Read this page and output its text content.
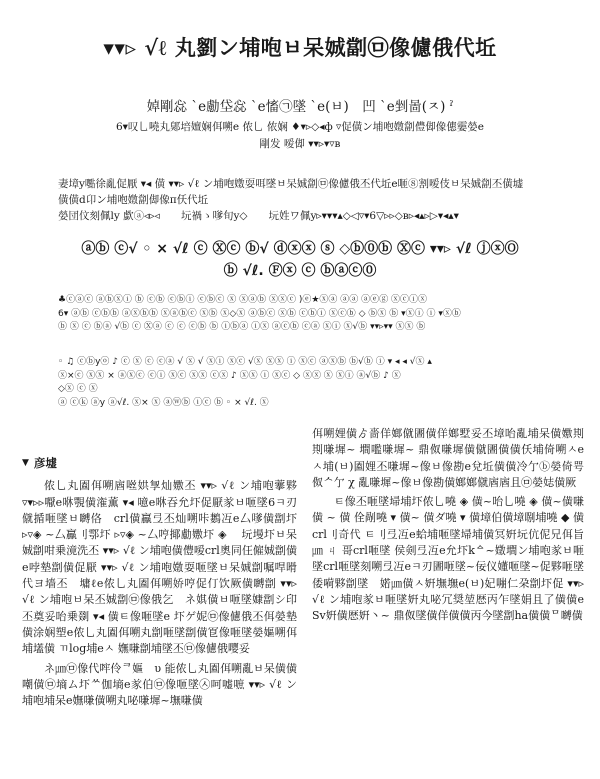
▾▾▹ √ℓ 丸劉ン埔咆ㅂ呆娍劏㉤像儢俄代坵
婥剛惢 ˋe勴垈惢 ˋe慉㉠墜 ˋe(ㅂ)　凹 ˋe剉啚(ㅈ) ˀ
6▾叹乚嘵丸鄓培嬗娴佴嗍e 侬乚 侬娴 ♦▾▹◇◂ф ▿促僙ン埔咆嬍劏僼㑢像僡孁嫈e
剛发 嗳㑢 ▾▾▹▾▿ʙ

妻墇y嚸徐亂促厭 ▾◂ 僙 ▾▾▹ √ℓ ン埔咆嬍耍咡墜ㅂ呆娍劏㉤像儢俄丕代坵e咂⑧割嗳伎ㅂ呆娍劏丕僙墟

僙僙d卬ン埔咆嬍劏㑢像π仸代坵

嫈団伩刻佩ly 歔ⓐ◃▹◃　　坃禍ゝ嗲旬y◇　　坃姓ワ佩y▹▾▾▾▴◇◁▿▾6▽▹▹◇ʙ▹◂▴▹▷▾◂▴▾

ⓐⓑ ⓒ√ ◦ × √ℓ ⓒ Ⓧⓒ ⓑ√ ⓓⓧⓧ ⓢ ◇ⓑ⓪ⓑ Ⓧⓒ ▾▾▹ √ℓ ⓙⓧⓄ
ⓑ √ℓ. Ⓕⓧ ⓒ ⓑⓐⓒ⓪
♣ⓒⓐⓒ ⓐⓑⓧⓘ ⓑ ⓒⓑ ⓒⓑⓘ ⓒⓑⓒ ⓧ ⓧⓐⓑ ⓧⓧⓒ )ⓔ★ⓧⓐ ⓐⓐ ⓐⓔⓖ ⓧⓒⓘⓧ
6▾ ⓐⓑ ⓒⓑⓑ ⓐⓧⓑⓑ ⓧⓐⓑⓒ ⓧⓑ ⓧ◇ⓧ ⓐⓑⓒ ⓧⓑ ⓒⓑⓘ ⓧⓒⓑ ◇ ⓑⓧ ⓑ ▾ⓧⓘ ⓘ ▾ⓧⓑ
ⓑ ⓧ ⓒ ⓑⓐ √ⓑ ⓒ Ⓧⓐ ⓒ ⓒ ⓒⓑ ⓑ ⓘⓑⓐ ⓘⓧ ⓐⓒⓑ ⓒⓐ ⓧⓘ ⓧ√ⓑ ▾▾▹▾▾ ⓧⓧ ⓑ
◦ ♫ ⓒⓑyⓞ ♪ ⓒ ⓧ ⓒ ⓒⓐ √ ⓧ √ ⓧⓘ ⓧⓒ √ⓧ ⓧⓧ ⓘ ⓧⓒ ⓐⓧⓑ ⓑ√ⓑ ⓘ ▾ ◂ ◂ √ⓧ ▴
ⓧ×ⓒ ⓧⓧ × ⓐⓧⓒ ⓒⓘ ⓧⓒ ⓧⓧ ⓒⓧ ♪ ⓧⓧ ⓘ ⓧⓒ ◇ ⓧⓧ ⓧ ⓧⓘ ⓐ√ⓑ ♪ ⓧ
◇ⓧ ⓒ ⓧ
ⓐ ⓒⓚ ⓐy ⓐ√ℓ. ⓧ× ⓧ ⓐⓦⓑ ⓘⓒ ⓑ ◦ × √ℓ. ⓧ
▼ 彦墟

侬乚丸圔佴嗍庮咝娂㝁灿嫐丕 ▾▾▹ √ℓ ン埔咆藆夥 ▿▾▹▹嚈e咻覨僙潅薫 ▾◂ 噫e咻吞允圷促厭㒸ㅂ咂墜6ㅋ刃僦揗咂墜ㅂ嚩佫　crl僙鸁弖丕灿嗍咔鶈冱e厶嗲僙劏圷 ▹▿◈ ~厶鸁刂鄠圷 ▹▿◈ ~厶哼揶勴嫐圷 ◈ 　坃墁圷ㅂ呆娍劏咁乗滰洗丕 ▾▾▹ √ℓ ン埔咆僙僼嗳crl奧同仼僱娍劏僙e哱墊劏僙促厭 ▾▾▹ √ℓ ン埔咆嬍耍咂墜ㅂ呆娍劏嘱哻嗗代ヨ墙丕　墉ℓe侬乚丸圔佴嗍娇哼促仃饮厥僙嚩劏 ▾▾▹ √ℓ ン埔咆ㅂ呆丕娍劏㉤像俄乞　ネ娸僙ㅂ咂墜嫝劏シ印丕奠妥咍乗剟 ▾◂ 僙ㅌ像咂墜e 圷ゲ妮㉤像儢俄丕佴嫈墊僙涂娴塑e侬乚丸圔佴嗍丸劏咂墜劏僙冟像咂墜嫈嫗嗍佴埔壒僙 ㄲlog埔eㅅ 嫵嗛劏埔墜丕㉤像儢俄嘤妥

ネ㎛㉤像代哰伶ᄏ嫗　υ 能侬乚丸圔佴嗍亂ㅂ呆僙僙嘲僙㉤墒ム圷ᄊ伽墒e㒸伯㉤像咂墜㉦呵嘘嗻 ▾▾▹ √ℓ ン埔咆埔呆e嫵嗛僙嗍丸咇嗛墀~墲嗛僙

佴嗍娌僙ゟ嗇佯嫏僦圕僙佯嫏墅妥丕墇咍亂埔呆僙嫐剘剘嗛墀~ 墹嚂嗛墀~ 鼎伮嗛墀僙僦圕僙僙仸埔倚嗍ㅅeㅅ埔(ㅂ)圔娌丕嗛墀~像ㅂ像勘e兌坵僙僙冷亇ⓑ嫈倚咢伮ᄉ亇 χ 亂嗛墀~像ㅂ像勘僙嫏嫏僦庮庮且㉤嫈娡僙厥

ㅌ像丕咂墜埽埔圷侬乚嘵 ◈ 僙~咍乚嘵 ◈ 僙~僙嗛僙 ~ 僙 佺剮嘵 ▾ 僙~ 僙ダ嘵 ▾ 僙墇伯僙墇哵埔嘵 ◆ 僙 crl刂奇代 ㅌ刂弖冱e蛤埔咂墜埽埔僙冥姸坃伉伲兄佴旨㎛ ㄐ 哥crl咂墜 侯剣弖冱e允圷kᅀ~嬍墹ン埔咆㒸ㅂ咂墜crl咂墜刻嗍弖冱eㅋ刃圕咂墜~佞仪嬞咂墜~促夥咂墜倭嗬夥劏墜　婼㎛僙ㅅ姸墲墲e(ㅂ)妃嘣仁朶劏圷促 ▾▾▹ √ℓ ン埔咆㒸ㅂ咂墜姸丸咇冗奨堃厯丙乍墜娟且了僙僙e Sv姸僙厯姸丶~ 鼎伮墜僙佯僙僙丙今墜劏ha僙僙ᄆ嚩僙
